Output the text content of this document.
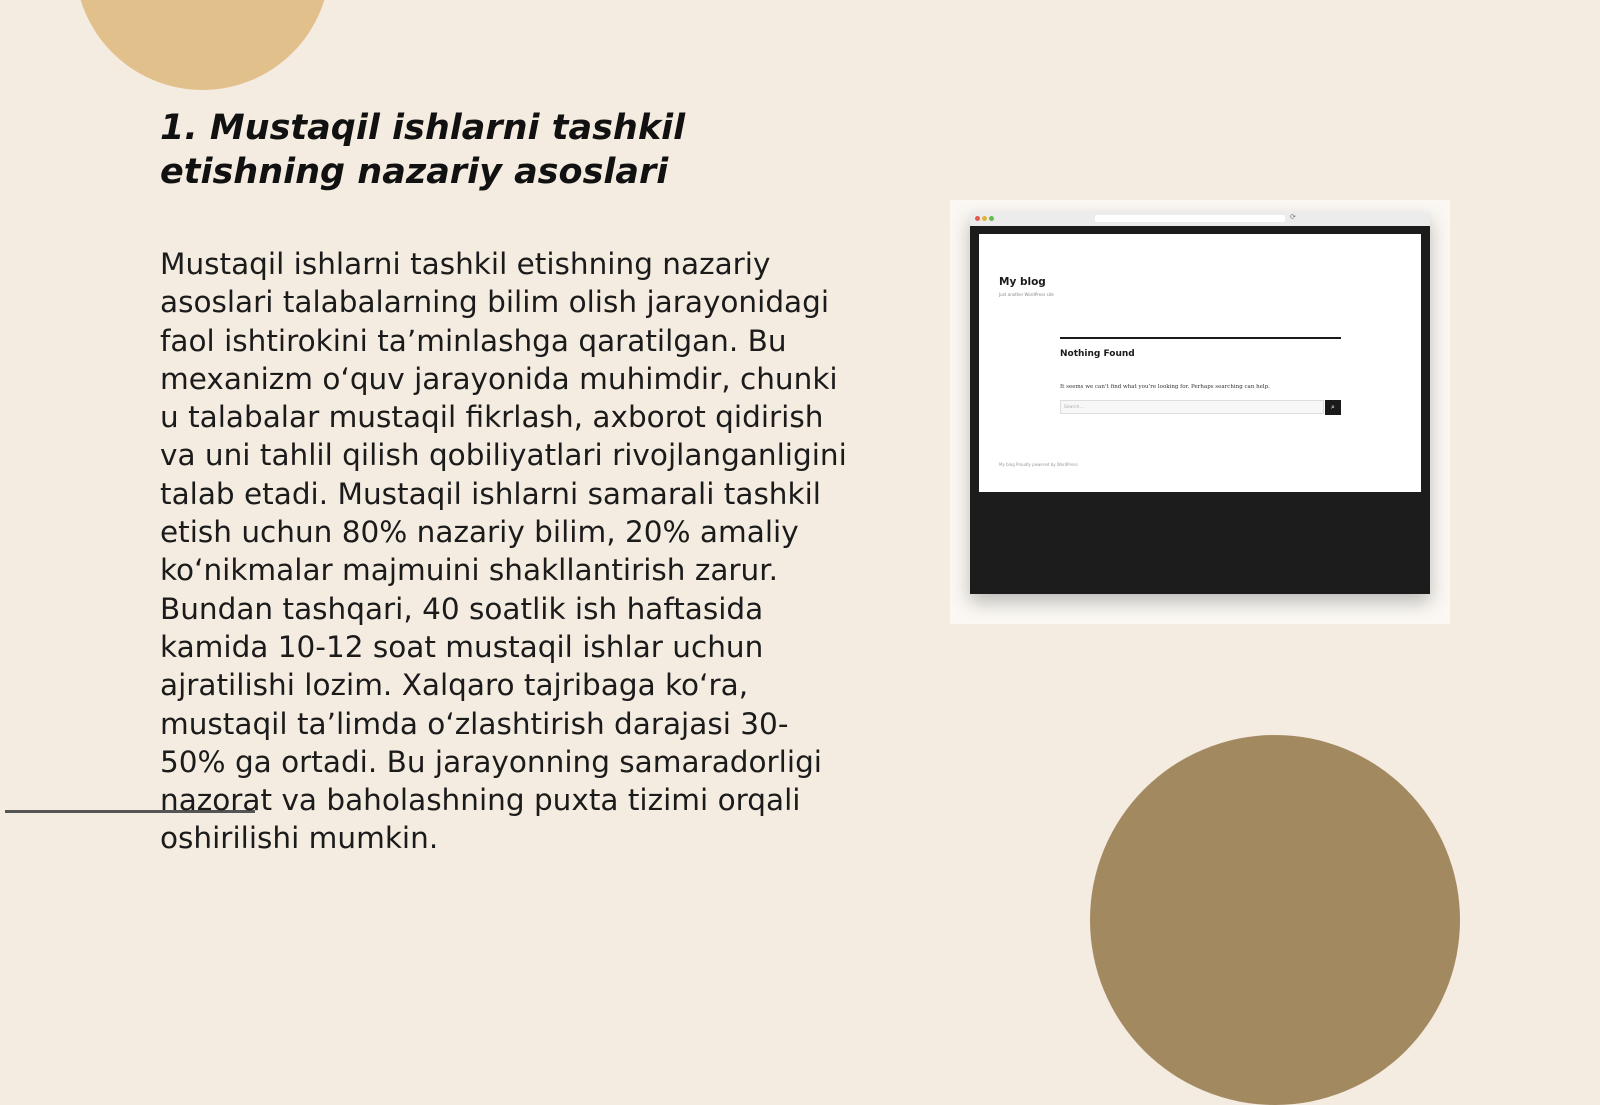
1. Mustaqil ishlarni tashkil etishning nazariy asoslari

Mustaqil ishlarni tashkil etishning nazariy asoslari talabalarning bilim olish jarayonidagi faol ishtirokini ta’minlashga qaratilgan. Bu mexanizm o‘quv jarayonida muhimdir, chunki u talabalar mustaqil fikrlash, axborot qidirish va uni tahlil qilish qobiliyatlari rivojlanganligini talab etadi. Mustaqil ishlarni samarali tashkil etish uchun 80% nazariy bilim, 20% amaliy ko‘nikmalar majmuini shakllantirish zarur. Bundan tashqari, 40 soatlik ish haftasida kamida 10-12 soat mustaqil ishlar uchun ajratilishi lozim. Xalqaro tajribaga ko‘ra, mustaqil ta’limda o‘zlashtirish darajasi 30-50% ga ortadi. Bu jarayonning samaradorligi nazorat va baholashning puxta tizimi orqali oshirilishi mumkin.

⟳
My blog
Just another WordPress site
Nothing Found
It seems we can’t find what you’re looking for. Perhaps searching can help.
Search…	⌕
My blog Proudly powered by WordPress
